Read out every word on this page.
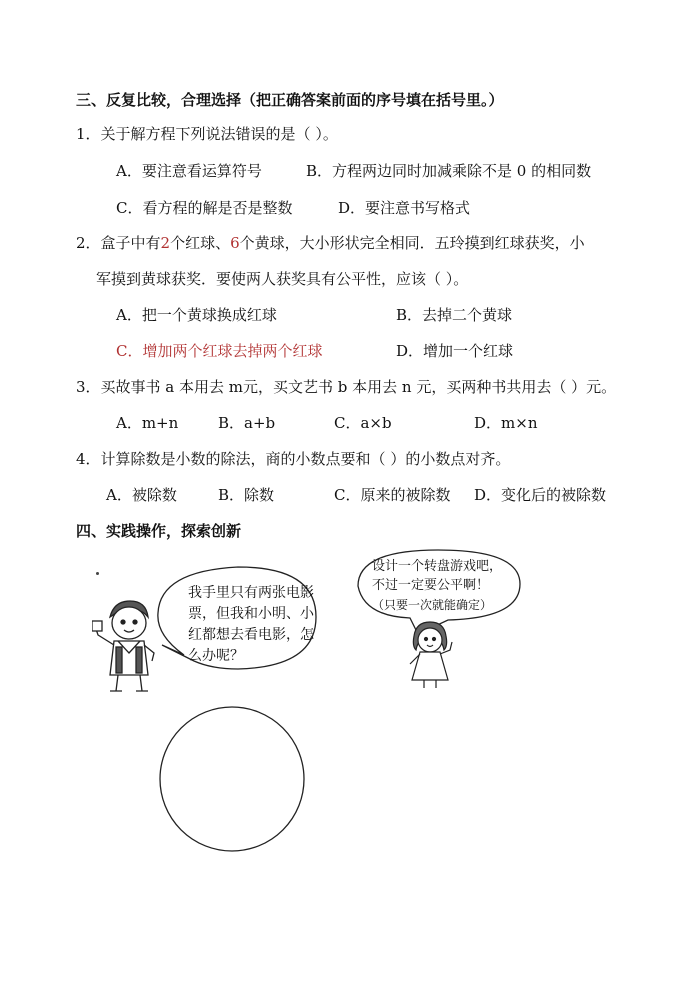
三、反复比较，合理选择（把正确答案前面的序号填在括号里。）
1．关于解方程下列说法错误的是（ ）。
A．要注意看运算符号	B．方程两边同时加减乘除不是 0 的相同数
C．看方程的解是否是整数	D．要注意书写格式
2．盒子中有2个红球、6个黄球，大小形状完全相同．五玲摸到红球获奖，小
军摸到黄球获奖．要使两人获奖具有公平性，应该（ ）。
A．把一个黄球换成红球	B．去掉二个黄球
C．增加两个红球去掉两个红球	D．增加一个红球
3．买故事书 a 本用去 m元，买文艺书 b 本用去 n 元，买两种书共用去（ ）元。
A．m+n	B．a+b	C．a×b	D．m×n
4．计算除数是小数的除法，商的小数点要和（ ）的小数点对齐。
A．被除数	B．除数	C．原来的被除数 D．变化后的被除数
四、实践操作，探索创新
我手里只有两张电影
票，但我和小明、小
红都想去看电影，怎
么办呢？
设计一个转盘游戏吧，
不过一定要公平啊！
（只要一次就能确定）
